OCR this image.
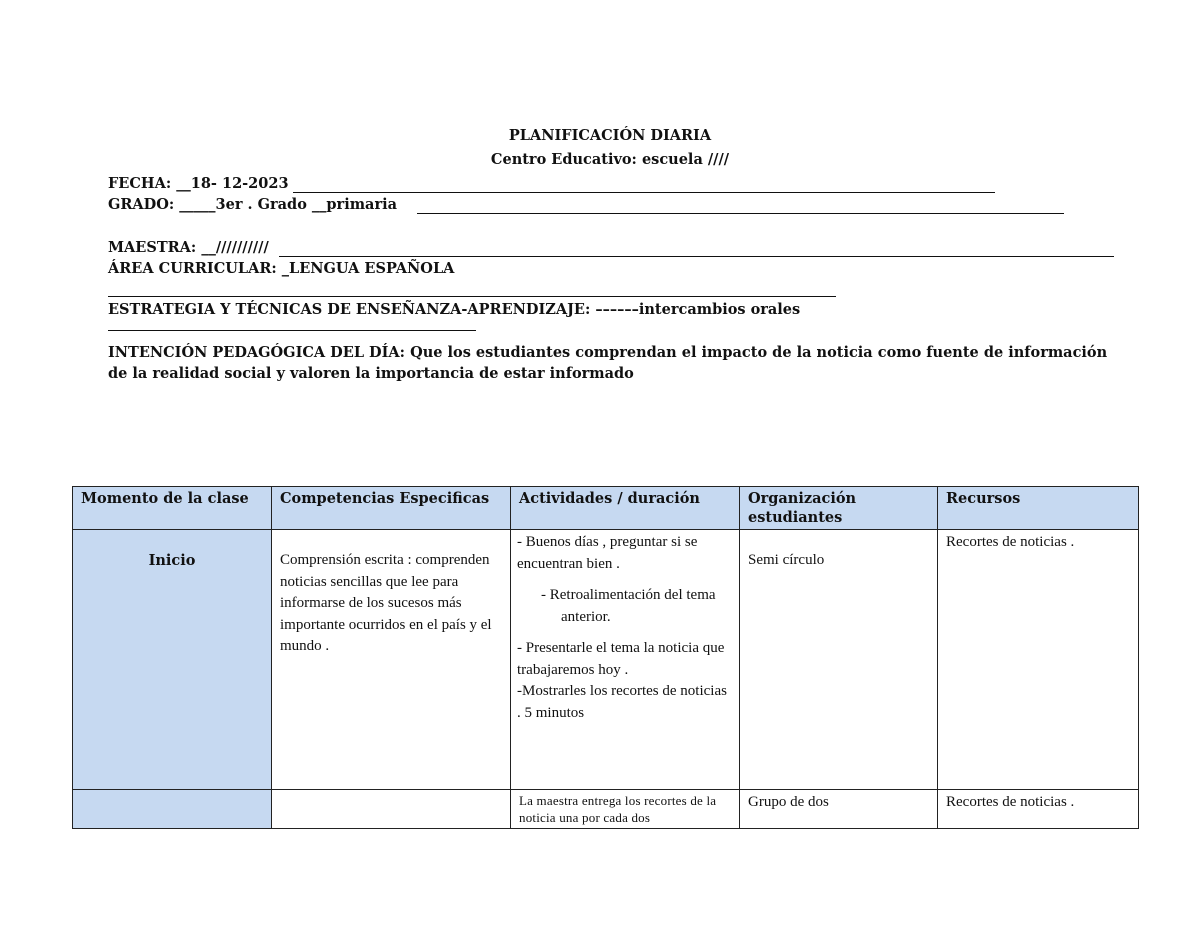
PLANIFICACIÓN DIARIA
Centro Educativo: escuela ////
FECHA: __18- 12-2023
GRADO: _____3er . Grado __primaria
MAESTRA: __//////////
ÁREA CURRICULAR: _LENGUA ESPAÑOLA
ESTRATEGIA Y TÉCNICAS DE ENSEÑANZA-APRENDIZAJE: ––––––intercambios orales
INTENCIÓN PEDAGÓGICA DEL DÍA: Que los estudiantes comprendan el impacto de la noticia como fuente de información de la realidad social y valoren la importancia de estar informado
Momento de la clase	Competencias Especificas	Actividades / duración	Organización estudiantes	Recursos

Inicio	Comprensión escrita : comprenden noticias sencillas que lee para informarse de los sucesos más importante ocurridos en el país y el mundo .	- Buenos días , preguntar si se encuentran bien .
- Retroalimentación del tema anterior.
- Presentarle el tema la noticia que trabajaremos hoy .
-Mostrarles los recortes de noticias . 5 minutos	Semi círculo	Recortes de noticias .

		La maestra entrega los recortes de la noticia una por cada dos	Grupo de dos	Recortes de noticias .
